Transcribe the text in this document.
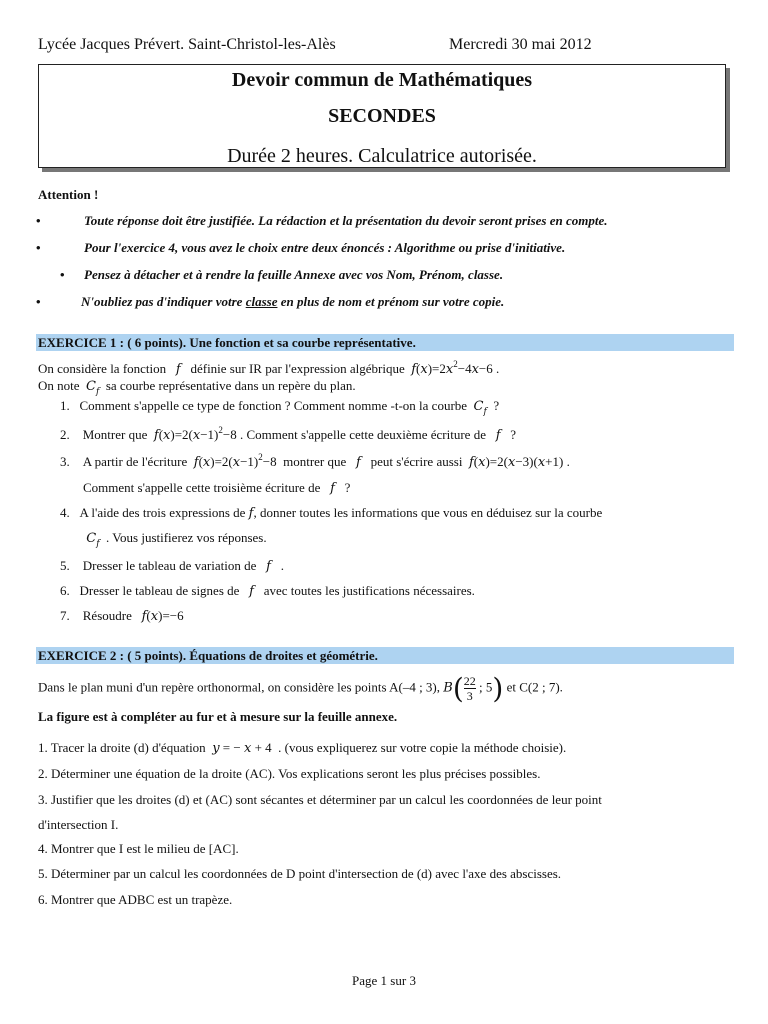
Lycée Jacques Prévert. Saint-Christol-les-Alès	Mercredi 30 mai 2012
Devoir commun de Mathématiques
SECONDES
Durée 2 heures. Calculatrice autorisée.
Attention !
•	Toute réponse doit être justifiée. La rédaction et la présentation du devoir seront prises en compte.
•	Pour l'exercice 4, vous avez le choix entre deux énoncés : Algorithme ou prise d'initiative.
• Pensez à détacher et à rendre la feuille Annexe avec vos Nom, Prénom, classe.
•	N'oubliez pas d'indiquer votre classe en plus de nom et prénom sur votre copie.
EXERCICE 1 : ( 6 points). Une fonction et sa courbe représentative.
On considère la fonction f définie sur IR par l'expression algébrique $f(x)=2x^2-4x-6$ .
On note $C_f$ sa courbe représentative dans un repère du plan.
1.   Comment s'appelle ce type de fonction ? Comment nomme -t-on la courbe $C_f$  ?
2.    Montrer que $f(x)=2(x-1)^2-8$ . Comment s'appelle cette deuxième écriture de f   ?
3.    A partir de l'écriture $f(x)=2(x-1)^2-8$  montrer que f peut s'écrire aussi f(x)=2(x−3)(x+1) .
Comment s'appelle cette troisième écriture de f   ?
4.   A l'aide des trois expressions de f, donner toutes les informations que vous en déduisez sur la courbe
$C_f$ . Vous justifierez vos réponses.
5.    Dresser le tableau de variation de f   .
6.   Dresser le tableau de signes de f avec toutes les justifications nécessaires.
7.    Résoudre f(x)=−6
EXERCICE 2 : ( 5 points). Équations de droites et géométrie.
Dans le plan muni d'un repère orthonormal, on considère les points A(–4 ; 3), $B( \frac{22}{3}$ ; 5) et C(2 ; 7).
La figure est à compléter au fur et à mesure sur la feuille annexe.
1. Tracer la droite (d) d'équation y = − x + 4  . (vous expliquerez sur votre copie la méthode choisie).
2. Déterminer une équation de la droite (AC). Vos explications seront les plus précises possibles.
3. Justifier que les droites (d) et (AC) sont sécantes et déterminer par un calcul les coordonnées de leur point
d'intersection I.
4. Montrer que I est le milieu de [AC].
5. Déterminer par un calcul les coordonnées de D point d'intersection de (d) avec l'axe des abscisses.
6. Montrer que ADBC est un trapèze.
Page 1 sur 3
